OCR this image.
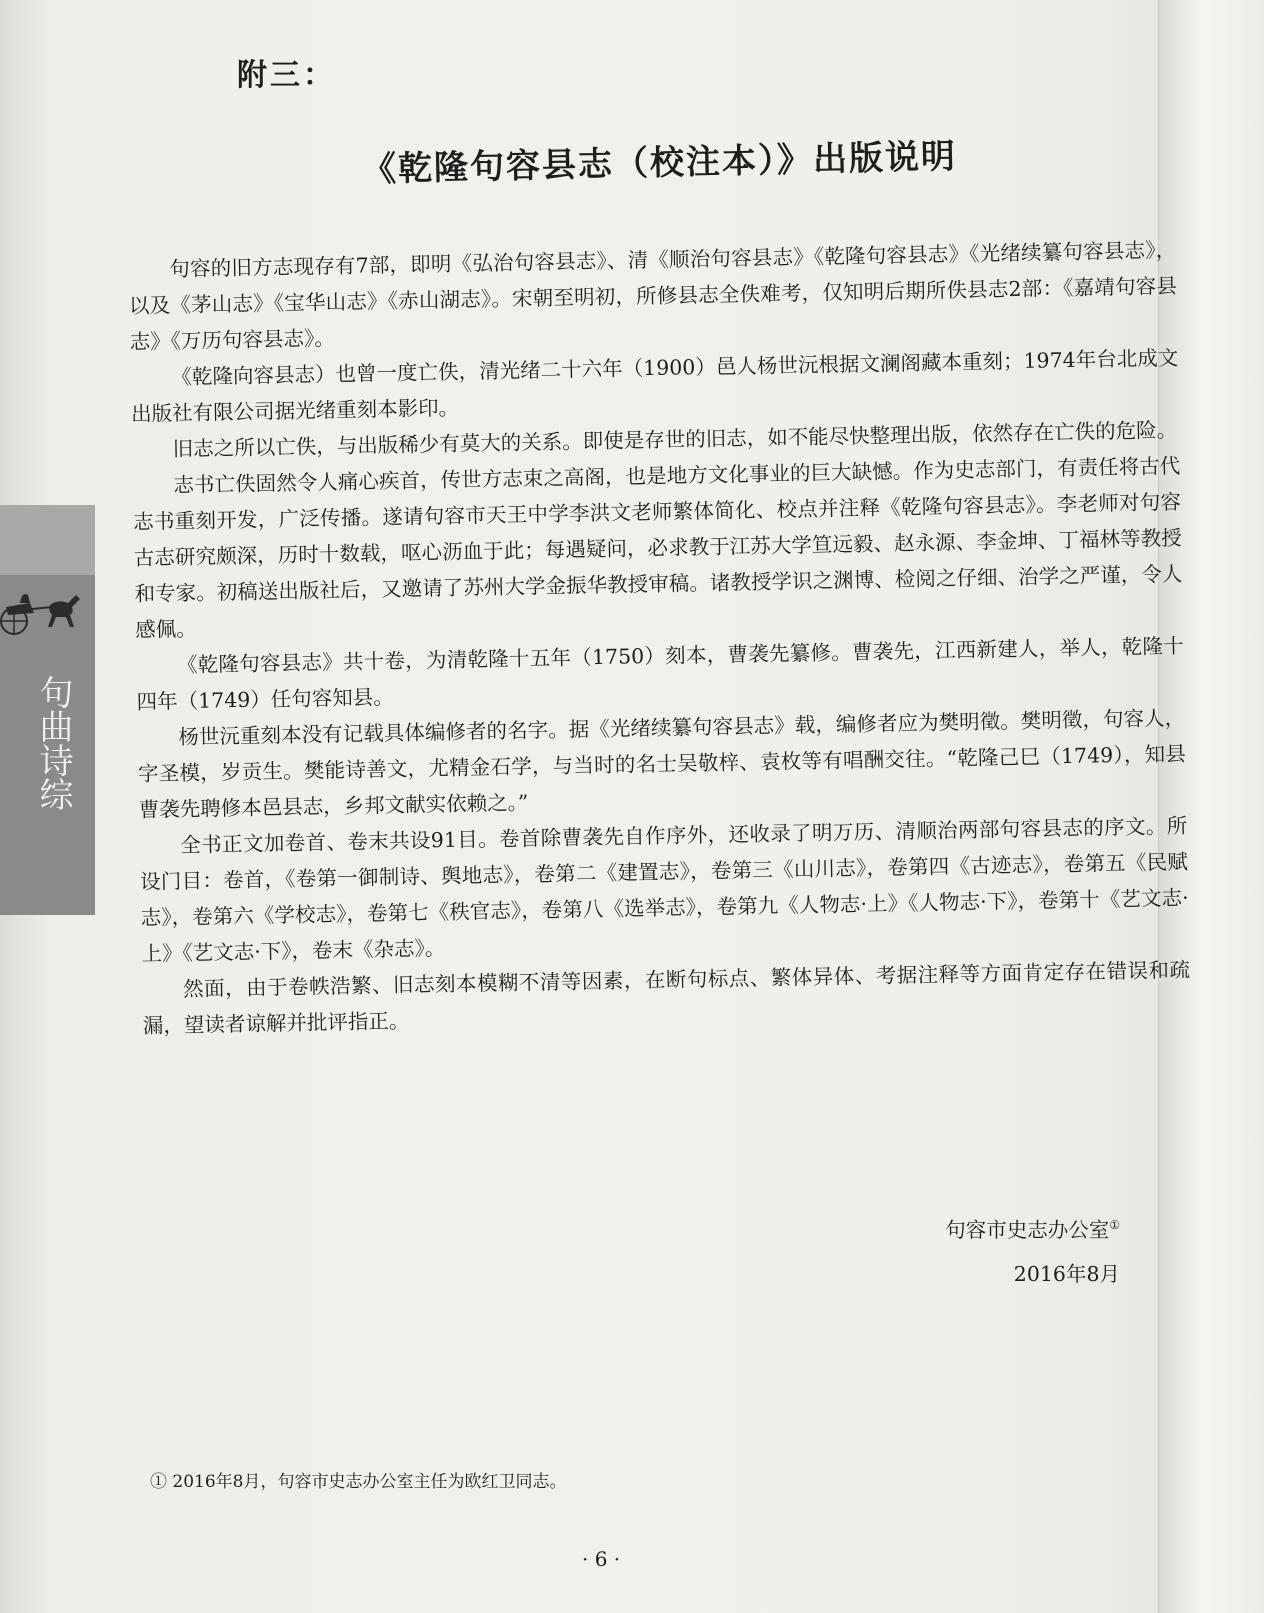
句曲诗综
附三：
《乾隆句容县志（校注本）》出版说明

句容的旧方志现存有7部，即明《弘治句容县志》、清《顺治句容县志》《乾隆句容县志》《光绪续纂句容县志》，以及《茅山志》《宝华山志》《赤山湖志》。宋朝至明初，所修县志全佚难考，仅知明后期所佚县志2部：《嘉靖句容县志》《万历句容县志》。

《乾隆向容县志）也曾一度亡佚，清光绪二十六年（1900）邑人杨世沅根据文澜阁藏本重刻；1974年台北成文出版社有限公司据光绪重刻本影印。

旧志之所以亡佚，与出版稀少有莫大的关系。即使是存世的旧志，如不能尽快整理出版，依然存在亡佚的危险。

志书亡佚固然令人痛心疾首，传世方志束之高阁，也是地方文化事业的巨大缺憾。作为史志部门，有责任将古代志书重刻开发，广泛传播。遂请句容市天王中学李洪文老师繁体简化、校点并注释《乾隆句容县志》。李老师对句容古志研究颇深，历时十数载，呕心沥血于此；每遇疑问，必求教于江苏大学笪远毅、赵永源、李金坤、丁福林等教授和专家。初稿送出版社后，又邀请了苏州大学金振华教授审稿。诸教授学识之渊博、检阅之仔细、治学之严谨，令人感佩。

《乾隆句容县志》共十卷，为清乾隆十五年（1750）刻本，曹袭先纂修。曹袭先，江西新建人，举人，乾隆十四年（1749）任句容知县。

杨世沅重刻本没有记载具体编修者的名字。据《光绪续纂句容县志》载，编修者应为樊明徵。樊明徵，句容人，字圣模，岁贡生。樊能诗善文，尤精金石学，与当时的名士吴敬梓、袁枚等有唱酬交往。“乾隆己巳（1749），知县曹袭先聘修本邑县志，乡邦文献实依赖之。”

全书正文加卷首、卷末共设91目。卷首除曹袭先自作序外，还收录了明万历、清顺治两部句容县志的序文。所设门目：卷首，《卷第一御制诗、舆地志》，卷第二《建置志》，卷第三《山川志》，卷第四《古迹志》，卷第五《民赋志》，卷第六《学校志》，卷第七《秩官志》，卷第八《选举志》，卷第九《人物志·上》《人物志·下》，卷第十《艺文志·上》《艺文志·下》，卷末《杂志》。

然面，由于卷帙浩繁、旧志刻本模糊不清等因素，在断句标点、繁体异体、考据注释等方面肯定存在错误和疏漏，望读者谅解并批评指正。

句容市史志办公室①
2016年8月
① 2016年8月，句容市史志办公室主任为欧红卫同志。
· 6 ·
